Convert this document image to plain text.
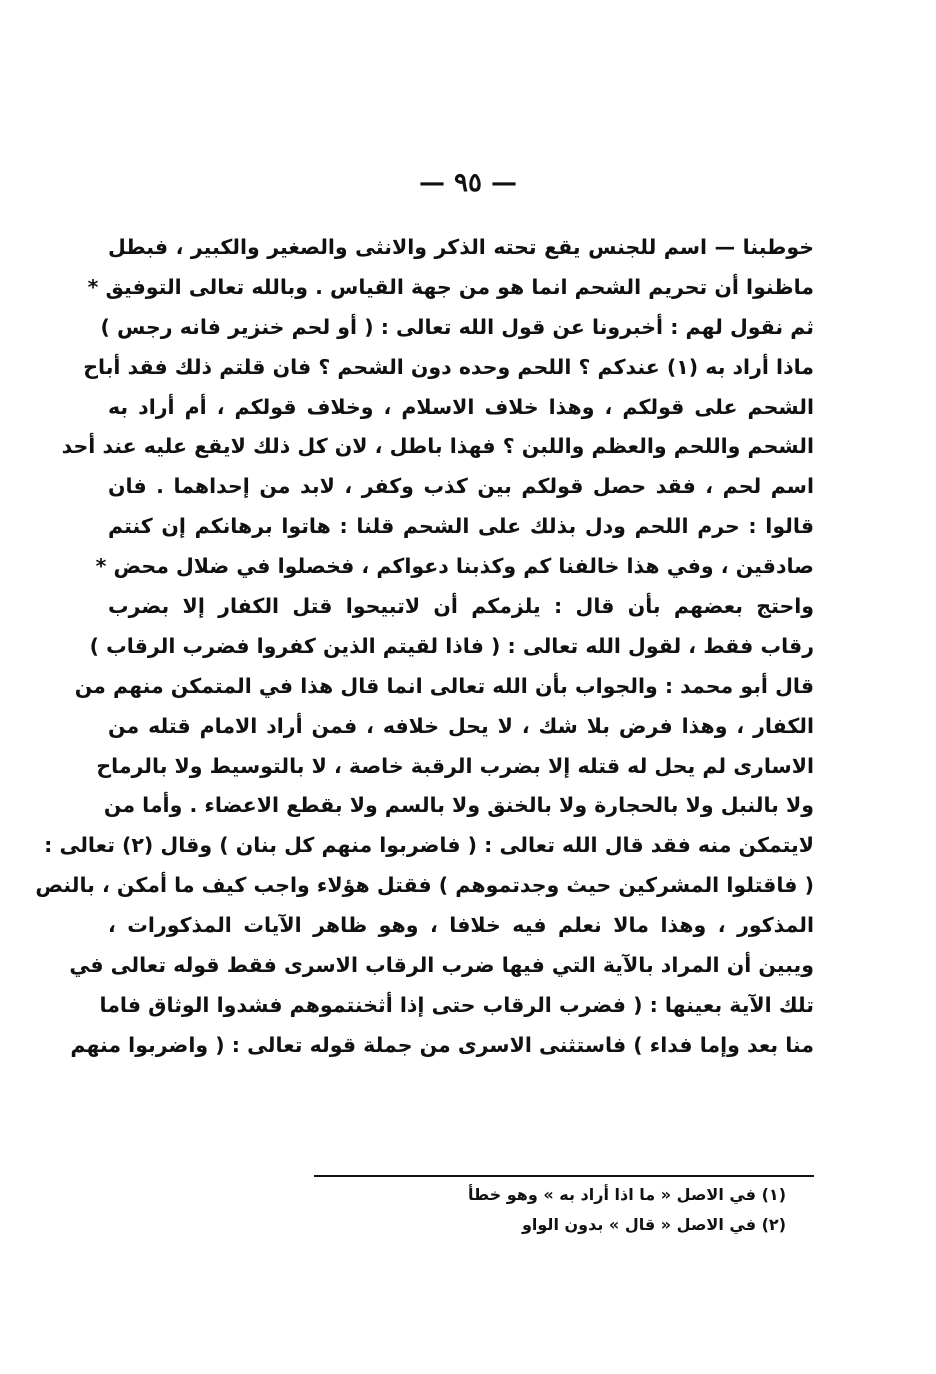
— ٩٥ —
خوطبنا — اسم للجنس يقع تحته الذكر والانثى والصغير والكبير ، فبطل
ماظنوا أن تحريم الشحم انما هو من جهة القياس . وبالله تعالى التوفيق *
ثم نقول لهم : أخبرونا عن قول الله تعالى : ( أو لحم خنزير فانه رجس )
ماذا أراد به (١) عندكم ؟ اللحم وحده دون الشحم ؟ فان قلتم ذلك فقد أباح
الشحم على قولكم ، وهذا خلاف الاسلام ، وخلاف قولكم ، أم أراد به
الشحم واللحم والعظم واللبن ؟ فهذا باطل ، لان كل ذلك لايقع عليه عند أحد
اسم لحم ، فقد حصل قولكم بين كذب وكفر ، لابد من إحداهما . فان
قالوا : حرم اللحم ودل بذلك على الشحم قلنا : هاتوا برهانكم إن كنتم
صادقين ، وفي هذا خالفنا كم وكذبنا دعواكم ، فخصلوا في ضلال محض *
واحتج بعضهم بأن قال : يلزمكم أن لاتبيحوا قتل الكفار إلا بضرب
رقاب فقط ، لقول الله تعالى : ( فاذا لقيتم الذين كفروا فضرب الرقاب )
قال أبو محمد : والجواب بأن الله تعالى انما قال هذا في المتمكن منهم من
الكفار ، وهذا فرض بلا شك ، لا يحل خلافه ، فمن أراد الامام قتله من
الاسارى لم يحل له قتله إلا بضرب الرقبة خاصة ، لا بالتوسيط ولا بالرماح
ولا بالنبل ولا بالحجارة ولا بالخنق ولا بالسم ولا بقطع الاعضاء . وأما من
لايتمكن منه فقد قال الله تعالى : ( فاضربوا منهم كل بنان ) وقال (٢) تعالى :
( فاقتلوا المشركين حيث وجدتموهم ) فقتل هؤلاء واجب كيف ما أمكن ، بالنص
المذكور ، وهذا مالا نعلم فيه خلافا ، وهو ظاهر الآيات المذكورات ،
ويبين أن المراد بالآية التي فيها ضرب الرقاب الاسرى فقط قوله تعالى في
تلك الآية بعينها : ( فضرب الرقاب حتى إذا أثخنتموهم فشدوا الوثاق فاما
منا بعد وإما فداء ) فاستثنى الاسرى من جملة قوله تعالى : ( واضربوا منهم
(١) في الاصل « ما اذا أراد به » وهو خطأ
(٢) في الاصل « قال » بدون الواو
